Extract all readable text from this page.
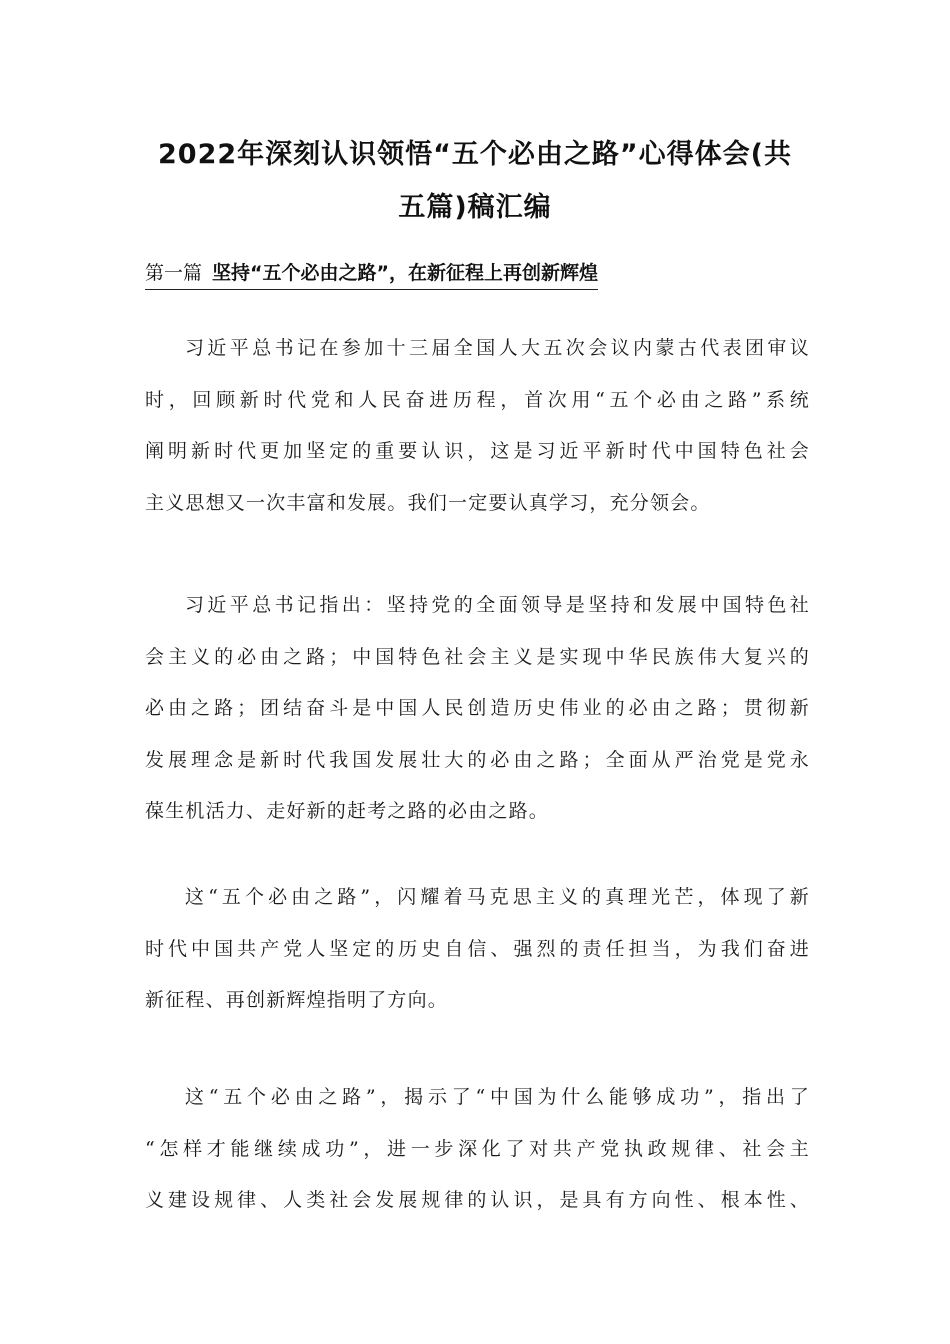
2022年深刻认识领悟“五个必由之路”心得体会(共
五篇)稿汇编
第一篇 坚持“五个必由之路”，在新征程上再创新辉煌

习近平总书记在参加十三届全国人大五次会议内蒙古代表团审议
时，回顾新时代党和人民奋进历程，首次用“五个必由之路”系统
阐明新时代更加坚定的重要认识，这是习近平新时代中国特色社会
主义思想又一次丰富和发展。我们一定要认真学习，充分领会。

习近平总书记指出：坚持党的全面领导是坚持和发展中国特色社
会主义的必由之路；中国特色社会主义是实现中华民族伟大复兴的
必由之路；团结奋斗是中国人民创造历史伟业的必由之路；贯彻新
发展理念是新时代我国发展壮大的必由之路；全面从严治党是党永
葆生机活力、走好新的赶考之路的必由之路。

这“五个必由之路”，闪耀着马克思主义的真理光芒，体现了新
时代中国共产党人坚定的历史自信、强烈的责任担当，为我们奋进
新征程、再创新辉煌指明了方向。

这“五个必由之路”，揭示了“中国为什么能够成功”，指出了
“怎样才能继续成功”，进一步深化了对共产党执政规律、社会主
义建设规律、人类社会发展规律的认识，是具有方向性、根本性、
